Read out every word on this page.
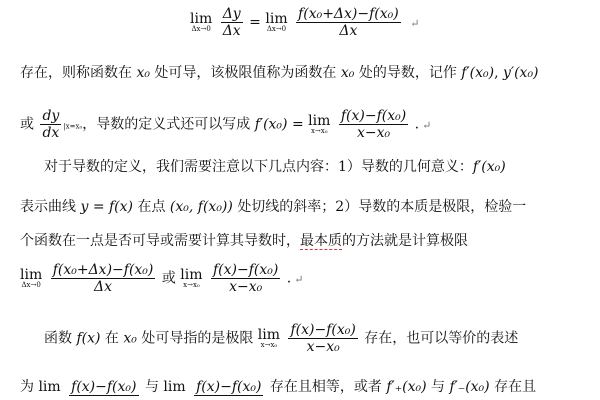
lim
Δx→0
$\frac{\Delta y}{\Delta x} = \lim$
Δx→0
$\frac{\text{f(x₀+Δx)−f(x₀)}}{\Delta x}$ ↵
存在，则称函数在 x₀ 处可导，该极限值称为函数在 x₀ 处的导数，记作 f′(x₀), y′(x₀)
或 $\frac{dy}{dx} |x=x_0$，导数的定义式还可以写成 f′(x₀) = lim
x→x₀
$\frac{\text{f(x)−f(x₀)}}{\text{x−x₀}}$ . ↵
对于导数的定义，我们需要注意以下几点内容：1）导数的几何意义：f′(x₀)
表示曲线 y = f(x) 在点 (x₀, f(x₀)) 处切线的斜率；2）导数的本质是极限，检验一
个函数在一点是否可导或需要计算其导数时，最本质的方法就是计算极限
lim
Δx→0
$\frac{\text{f(x₀+Δx)−f(x₀)}}{\Delta x}$ 或 lim
x→x₀
$\frac{\text{f(x)−f(x₀)}}{\text{x−x₀}}$ . ↵
函数 f(x) 在 x₀ 处可导指的是极限 lim
x→x₀
$\frac{\text{f(x)−f(x₀)}}{\text{x−x₀}}$ 存在，也可以等价的表述
为 lim
f(x)−f(x₀) 与 lim
f(x)−f(x₀) 存在且相等，或者 f′₊(x₀) 与 f′₋(x₀) 存在且
